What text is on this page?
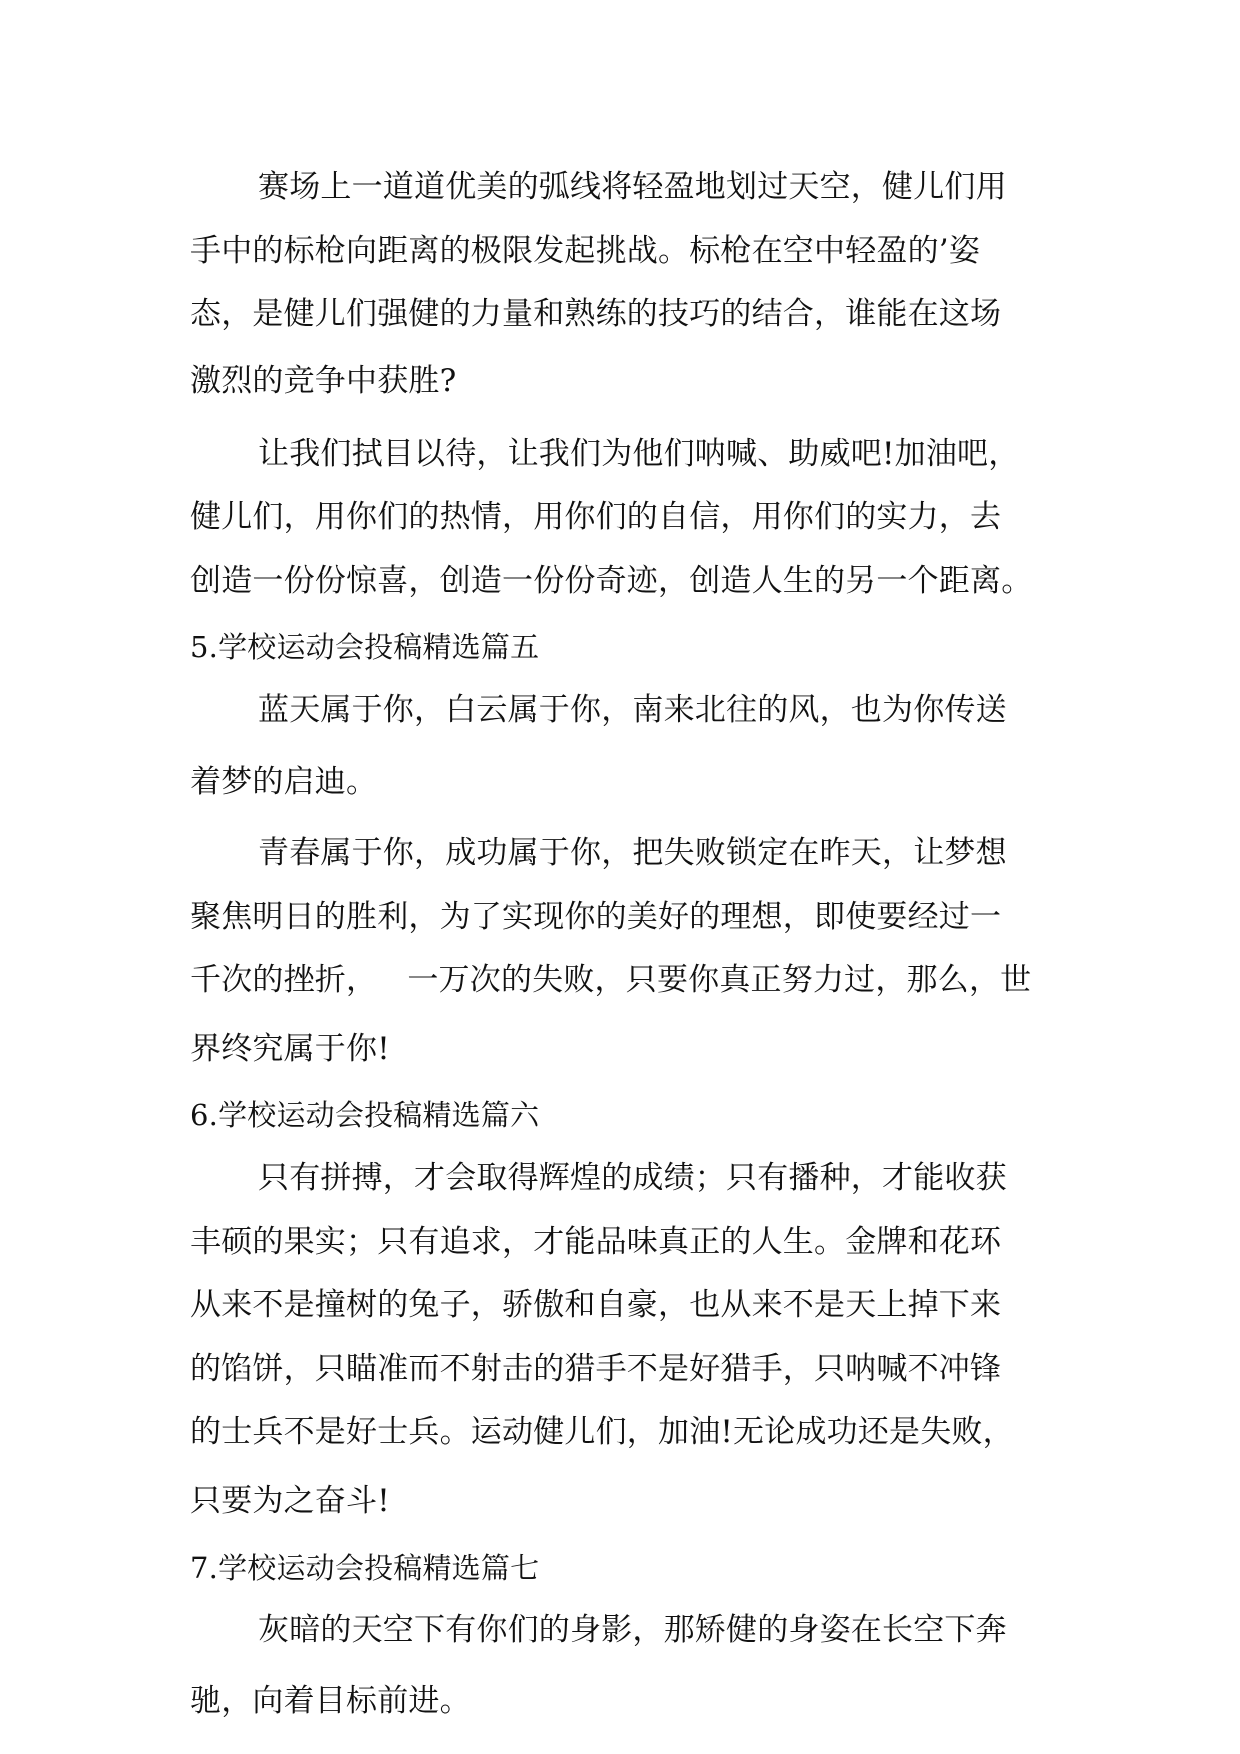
赛场上一道道优美的弧线将轻盈地划过天空，健儿们用
手中的标枪向距离的极限发起挑战。标枪在空中轻盈的’姿
态，是健儿们强健的力量和熟练的技巧的结合，谁能在这场
激烈的竞争中获胜?
让我们拭目以待，让我们为他们呐喊、助威吧!加油吧，
健儿们，用你们的热情，用你们的自信，用你们的实力，去
创造一份份惊喜，创造一份份奇迹，创造人生的另一个距离。
5.学校运动会投稿精选篇五
蓝天属于你，白云属于你，南来北往的风，也为你传送
着梦的启迪。
青春属于你，成功属于你，把失败锁定在昨天，让梦想
聚焦明日的胜利，为了实现你的美好的理想，即使要经过一
千次的挫折，   一万次的失败，只要你真正努力过，那么，世
界终究属于你!
6.学校运动会投稿精选篇六
只有拼搏，才会取得辉煌的成绩；只有播种，才能收获
丰硕的果实；只有追求，才能品味真正的人生。金牌和花环
从来不是撞树的兔子，骄傲和自豪，也从来不是天上掉下来
的馅饼，只瞄准而不射击的猎手不是好猎手，只呐喊不冲锋
的士兵不是好士兵。运动健儿们，加油!无论成功还是失败，
只要为之奋斗!
7.学校运动会投稿精选篇七
灰暗的天空下有你们的身影，那矫健的身姿在长空下奔
驰，向着目标前进。
